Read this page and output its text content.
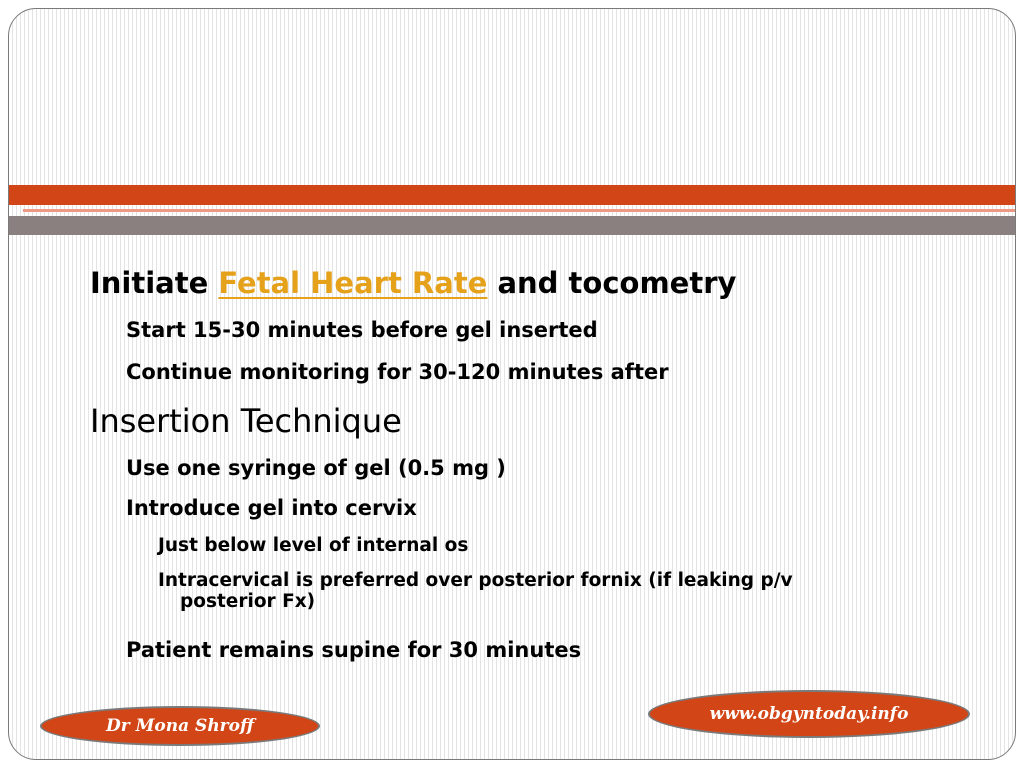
Initiate Fetal Heart Rate and tocometry
Start 15-30 minutes before gel inserted
Continue monitoring for 30-120 minutes after
Insertion Technique
Use one syringe of gel (0.5 mg )
Introduce gel into cervix
Just below level of internal os
Intracervical is preferred over posterior fornix (if leaking p/v
posterior Fx)
Patient remains supine for 30 minutes
Dr Mona Shroff
www.obgyntoday.info
